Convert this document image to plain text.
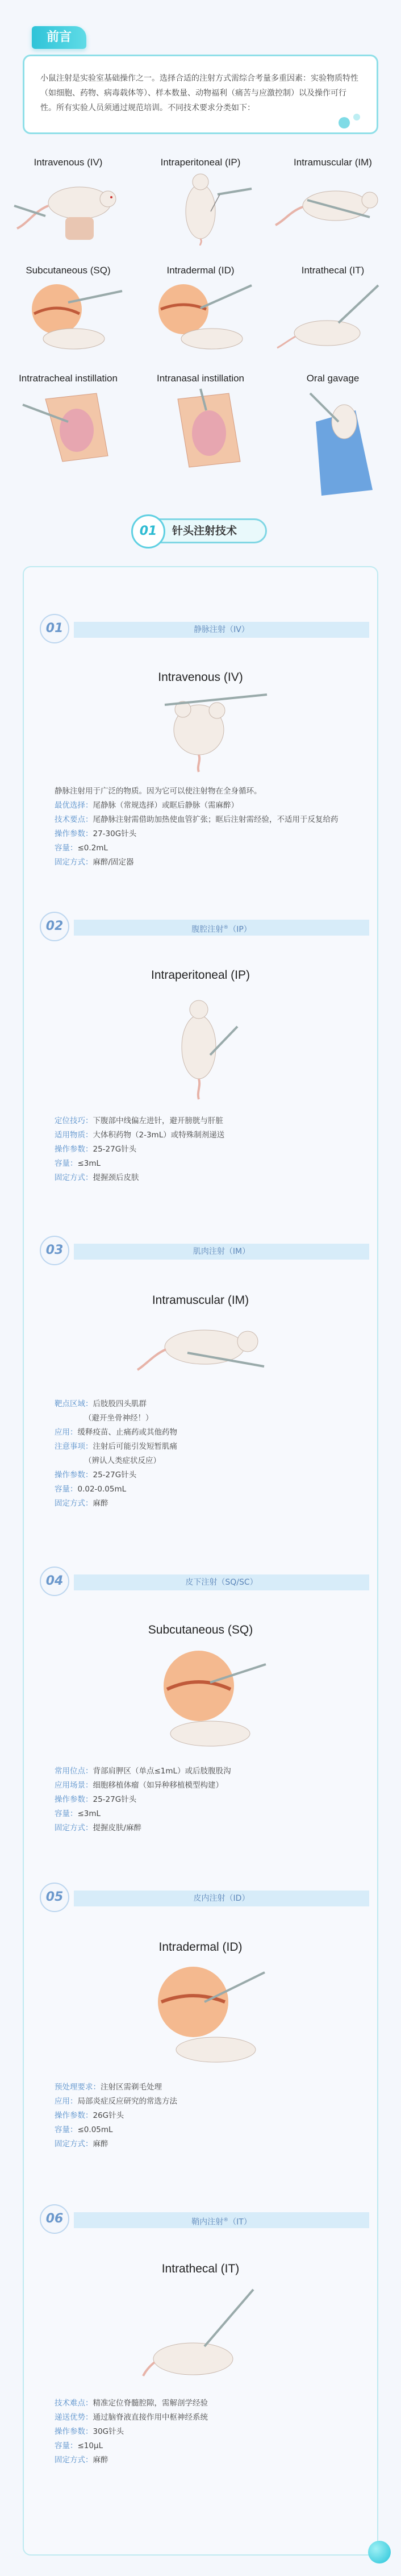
前言

小鼠注射是实验室基础操作之一。选择合适的注射方式需综合考量多重因素：实验物质特性（如细胞、药物、病毒载体等）、样本数量、动物福利（痛苦与应激控制）以及操作可行性。所有实验人员须通过规范培训。不同技术要求分类如下：

Intravenous (IV)	Intraperitoneal (IP)	Intramuscular (IM)
Subcutaneous (SQ)	Intradermal (ID)	Intrathecal (IT)
Intratracheal instillation	Intranasal instillation	Oral gavage
01	针头注射技术
01	静脉注射（IV）
Intravenous (IV)
静脉注射用于广泛的物质。因为它可以使注射物在全身循环。
最优选择：尾静脉（常规选择）或眶后静脉（需麻醉）
技术要点：尾静脉注射需借助加热使血管扩张；眶后注射需经验，不适用于反复给药
操作参数：27-30G针头
容量：≤0.2mL
固定方式：麻醉/固定器
02	腹腔注射®（IP）
Intraperitoneal (IP)
定位技巧：下腹部中线偏左进针，避开膀胱与肝脏
适用物质：大体积药物（2-3mL）或特殊制剂递送
操作参数：25-27G针头
容量：≤3mL
固定方式：提握颈后皮肤
03	肌肉注射（IM）
Intramuscular (IM)
靶点区域：后肢股四头肌群
（避开坐骨神经！）
应用：缓释疫苗、止痛药或其他药物
注意事项：注射后可能引发短暂肌痛
（辨认人类症状反应）
操作参数：25-27G针头
容量：0.02-0.05mL
固定方式：麻醉
04	皮下注射（SQ/SC）
Subcutaneous (SQ)
常用位点：背部肩胛区（单点≤1mL）或后肢腹股沟
应用场景：细胞移植体瘤（如异种移植模型构建）
操作参数：25-27G针头
容量：≤3mL
固定方式：提握皮肤/麻醉
05	皮内注射（ID）
Intradermal (ID)
预处理要求：注射区需剃毛处理
应用：局部炎症反应研究的常选方法
操作参数：26G针头
容量：≤0.05mL
固定方式：麻醉
06	鞘内注射®（IT）
Intrathecal (IT)
技术难点：精准定位脊髓腔隙，需解剖学经验
递送优势：通过脑脊液直接作用中枢神经系统
操作参数：30G针头
容量：≤10μL
固定方式：麻醉
